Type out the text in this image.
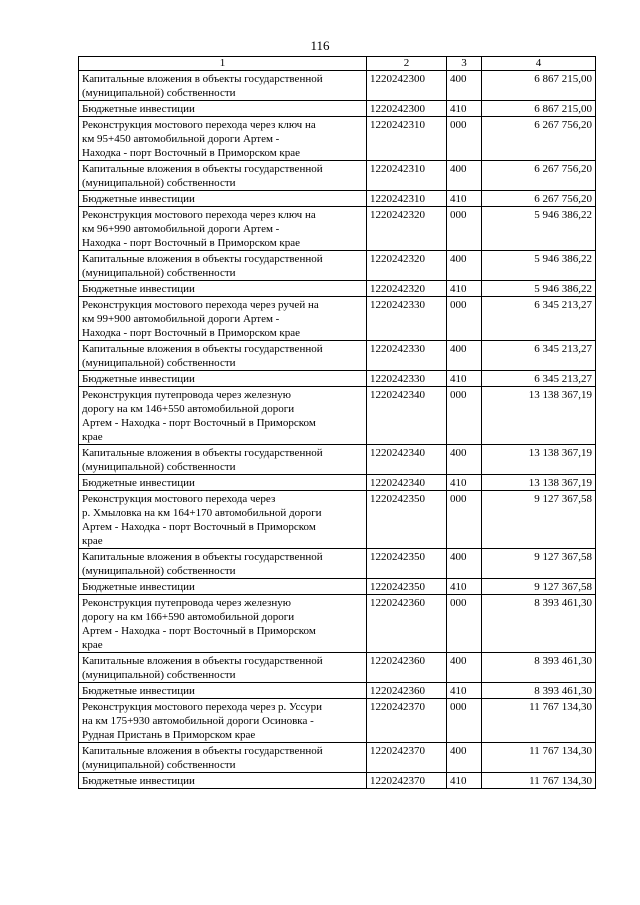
116
1	2	3	4
Капитальные вложения в объекты государственной
(муниципальной) собственности	1220242300	400	6 867 215,00
Бюджетные инвестиции	1220242300	410	6 867 215,00
Реконструкция мостового перехода через ключ на
км 95+450 автомобильной дороги Артем -
Находка - порт Восточный в Приморском крае	1220242310	000	6 267 756,20
Капитальные вложения в объекты государственной
(муниципальной) собственности	1220242310	400	6 267 756,20
Бюджетные инвестиции	1220242310	410	6 267 756,20
Реконструкция мостового перехода через ключ на
км 96+990 автомобильной дороги Артем -
Находка - порт Восточный в Приморском крае	1220242320	000	5 946 386,22
Капитальные вложения в объекты государственной
(муниципальной) собственности	1220242320	400	5 946 386,22
Бюджетные инвестиции	1220242320	410	5 946 386,22
Реконструкция мостового перехода через ручей на
км 99+900 автомобильной дороги Артем -
Находка - порт Восточный в Приморском крае	1220242330	000	6 345 213,27
Капитальные вложения в объекты государственной
(муниципальной) собственности	1220242330	400	6 345 213,27
Бюджетные инвестиции	1220242330	410	6 345 213,27
Реконструкция путепровода через железную
дорогу на км 146+550 автомобильной дороги
Артем - Находка - порт Восточный в Приморском
крае	1220242340	000	13 138 367,19
Капитальные вложения в объекты государственной
(муниципальной) собственности	1220242340	400	13 138 367,19
Бюджетные инвестиции	1220242340	410	13 138 367,19
Реконструкция мостового перехода через
р. Хмыловка на км 164+170 автомобильной дороги
Артем - Находка - порт Восточный в Приморском
крае	1220242350	000	9 127 367,58
Капитальные вложения в объекты государственной
(муниципальной) собственности	1220242350	400	9 127 367,58
Бюджетные инвестиции	1220242350	410	9 127 367,58
Реконструкция путепровода через железную
дорогу на км 166+590 автомобильной дороги
Артем - Находка - порт Восточный в Приморском
крае	1220242360	000	8 393 461,30
Капитальные вложения в объекты государственной
(муниципальной) собственности	1220242360	400	8 393 461,30
Бюджетные инвестиции	1220242360	410	8 393 461,30
Реконструкция мостового перехода через р. Уссури
на км 175+930 автомобильной дороги Осиновка -
Рудная Пристань в Приморском крае	1220242370	000	11 767 134,30
Капитальные вложения в объекты государственной
(муниципальной) собственности	1220242370	400	11 767 134,30
Бюджетные инвестиции	1220242370	410	11 767 134,30
